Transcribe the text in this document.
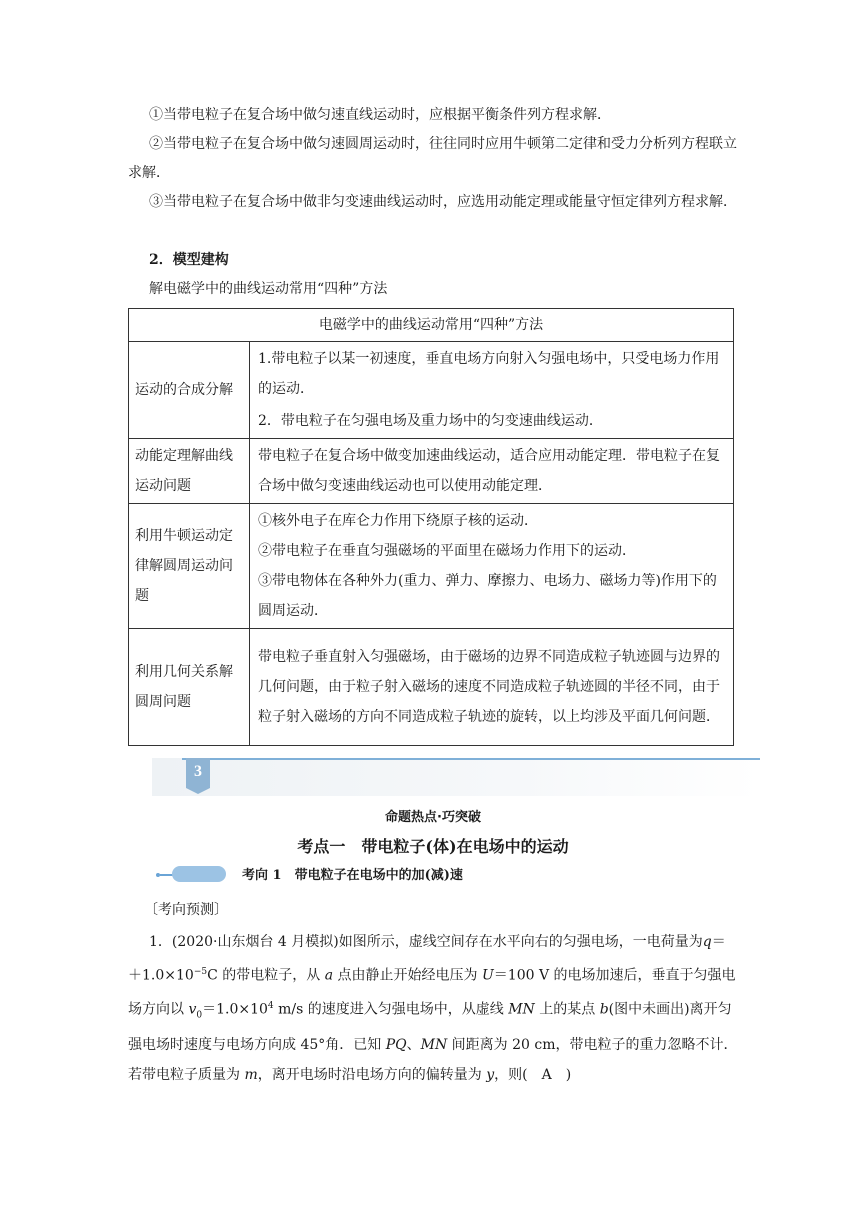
①当带电粒子在复合场中做匀速直线运动时，应根据平衡条件列方程求解．

②当带电粒子在复合场中做匀速圆周运动时，往往同时应用牛顿第二定律和受力分析列方程联立求解．

③当带电粒子在复合场中做非匀变速曲线运动时，应选用动能定理或能量守恒定律列方程求解．

2．模型建构

解电磁学中的曲线运动常用“四种”方法

电磁学中的曲线运动常用“四种”方法	
运动的合成分解	1.带电粒子以某一初速度，垂直电场方向射入匀强电场中，只受电场力作用的运动．
2．带电粒子在匀强电场及重力场中的匀变速曲线运动．

动能定理解曲线运动问题	带电粒子在复合场中做变加速曲线运动，适合应用动能定理．带电粒子在复合场中做匀变速曲线运动也可以使用动能定理．

利用牛顿运动定律解圆周运动问题	①核外电子在库仑力作用下绕原子核的运动．
②带电粒子在垂直匀强磁场的平面里在磁场力作用下的运动．
③带电物体在各种外力(重力、弹力、摩擦力、电场力、磁场力等)作用下的圆周运动．

利用几何关系解圆周问题	带电粒子垂直射入匀强磁场，由于磁场的边界不同造成粒子轨迹圆与边界的几何问题，由于粒子射入磁场的速度不同造成粒子轨迹圆的半径不同，由于粒子射入磁场的方向不同造成粒子轨迹的旋转，以上均涉及平面几何问题．
3

命题热点·巧突破

考点一　带电粒子(体)在电场中的运动

考向 1　带电粒子在电场中的加(减)速

〔考向预测〕

1．(2020·山东烟台 4 月模拟)如图所示，虚线空间存在水平向右的匀强电场，一电荷量为$q=+1.0\times 10^{-5}C$ 的带电粒子，从 a 点由静止开始经电压为 U＝100 V 的电场加速后，垂直于匀强电场方向以 $v_0=1.0\times 10^4$ m/s 的速度进入匀强电场中，从虚线 MN 上的某点 b(图中未画出)离开匀强电场时速度与电场方向成 45°角．已知 PQ、MN 间距离为 20 cm，带电粒子的重力忽略不计．若带电粒子质量为 m，离开电场时沿电场方向的偏转量为 y，则(　A　)
